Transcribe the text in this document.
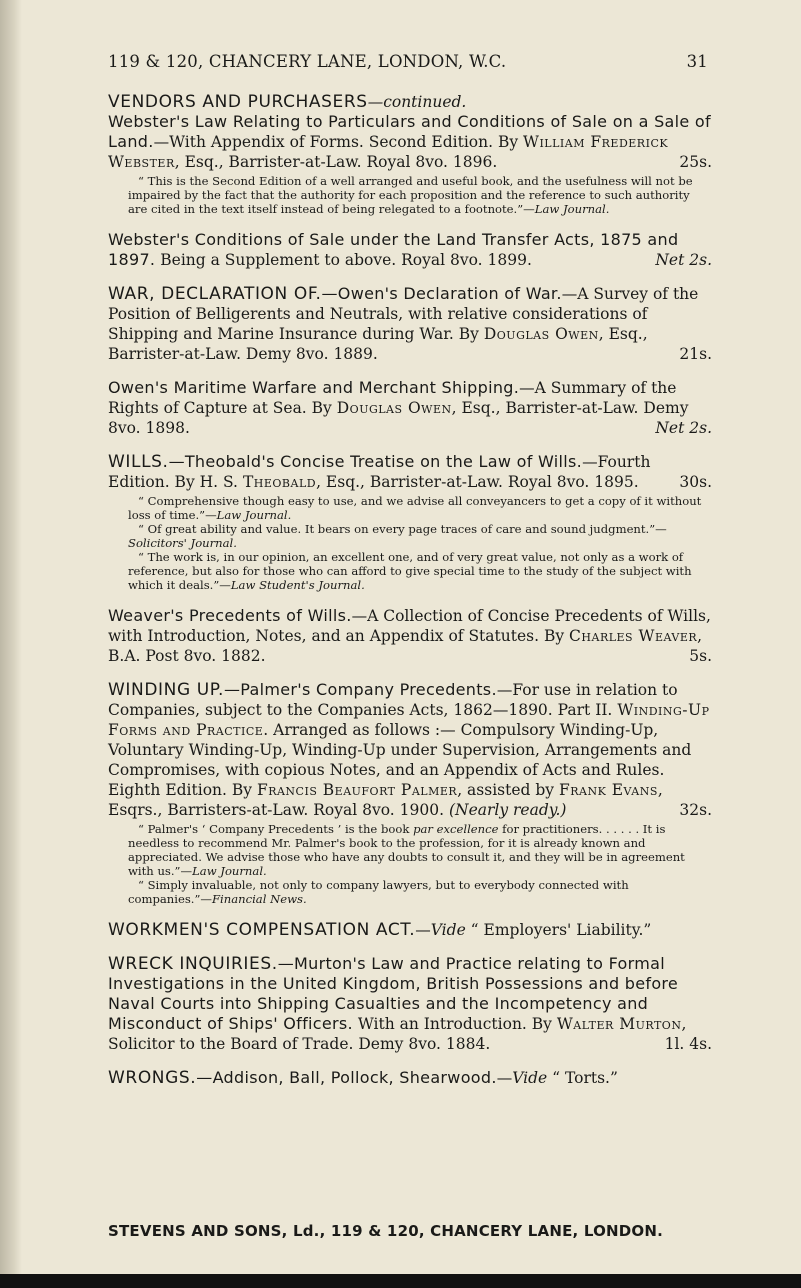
119 & 120, CHANCERY LANE, LONDON, W.C.	31
VENDORS AND PURCHASERS—continued.
Webster's Law Relating to Particulars and Conditions of Sale on a Sale of Land.—With Appendix of Forms. Second Edition. By William Frederick Webster, Esq., Barrister-at-Law. Royal 8vo. 1896.	25s.

“ This is the Second Edition of a well arranged and useful book, and the usefulness will not be impaired by the fact that the authority for each proposition and the reference to such authority are cited in the text itself instead of being relegated to a footnote.”—Law Journal.

Webster's Conditions of Sale under the Land Transfer Acts, 1875 and 1897. Being a Supplement to above. Royal 8vo. 1899.	Net 2s.
WAR, DECLARATION OF.—Owen's Declaration of War.—A Survey of the Position of Belligerents and Neutrals, with relative considerations of Shipping and Marine Insurance during War. By Douglas Owen, Esq., Barrister-at-Law. Demy 8vo. 1889.	21s.
Owen's Maritime Warfare and Merchant Shipping.—A Summary of the Rights of Capture at Sea. By Douglas Owen, Esq., Barrister-at-Law. Demy 8vo. 1898.	Net 2s.
WILLS.—Theobald's Concise Treatise on the Law of Wills.—Fourth Edition. By H. S. Theobald, Esq., Barrister-at-Law. Royal 8vo. 1895.	30s.

“ Comprehensive though easy to use, and we advise all conveyancers to get a copy of it without loss of time.”—Law Journal.

“ Of great ability and value. It bears on every page traces of care and sound judgment.”—Solicitors' Journal.

“ The work is, in our opinion, an excellent one, and of very great value, not only as a work of reference, but also for those who can afford to give special time to the study of the subject with which it deals.”—Law Student's Journal.

Weaver's Precedents of Wills.—A Collection of Concise Precedents of Wills, with Introduction, Notes, and an Appendix of Statutes. By Charles Weaver, B.A. Post 8vo. 1882.	5s.
WINDING UP.—Palmer's Company Precedents.—For use in relation to Companies, subject to the Companies Acts, 1862—1890. Part II. Winding-Up Forms and Practice. Arranged as follows :— Compulsory Winding-Up, Voluntary Winding-Up, Winding-Up under Supervision, Arrangements and Compromises, with copious Notes, and an Appendix of Acts and Rules. Eighth Edition. By Francis Beaufort Palmer, assisted by Frank Evans, Esqrs., Barristers-at-Law. Royal 8vo. 1900. (Nearly ready.)	32s.

“ Palmer's ‘ Company Precedents ’ is the book par excellence for practitioners. . . . . . It is needless to recommend Mr. Palmer's book to the profession, for it is already known and appreciated. We advise those who have any doubts to consult it, and they will be in agreement with us.”—Law Journal.

“ Simply invaluable, not only to company lawyers, but to everybody connected with companies.”—Financial News.

WORKMEN'S COMPENSATION ACT.—Vide “ Employers' Liability.”
WRECK INQUIRIES.—Murton's Law and Practice relating to Formal Investigations in the United Kingdom, British Possessions and before Naval Courts into Shipping Casualties and the Incompetency and Misconduct of Ships' Officers. With an Introduction. By Walter Murton, Solicitor to the Board of Trade. Demy 8vo. 1884.	1l. 4s.
WRONGS.—Addison, Ball, Pollock, Shearwood.—Vide “ Torts.”
STEVENS AND SONS, Ld., 119 & 120, CHANCERY LANE, LONDON.
